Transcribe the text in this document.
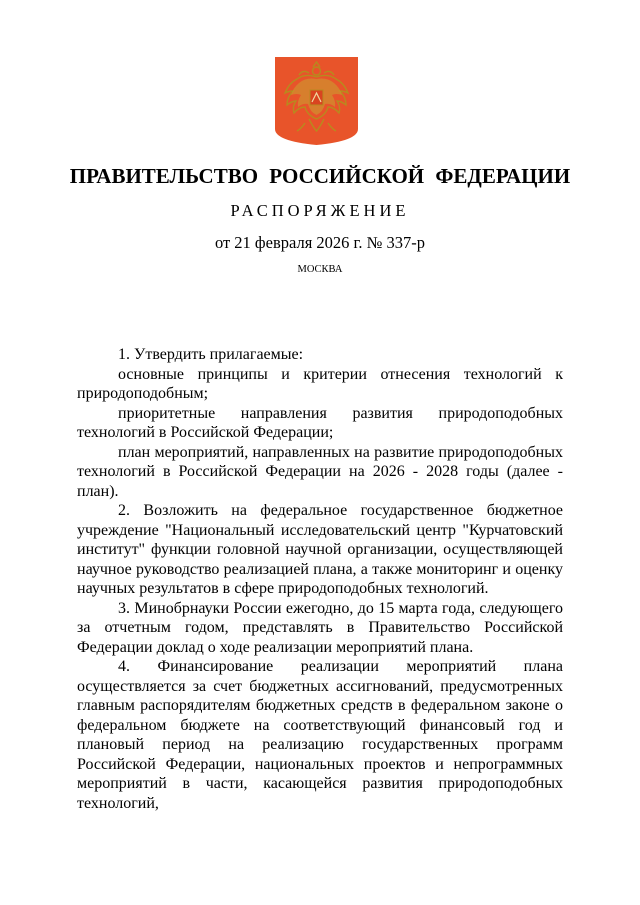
ПРАВИТЕЛЬСТВО РОССИЙСКОЙ ФЕДЕРАЦИИ
РАСПОРЯЖЕНИЕ
от 21 февраля 2026 г. № 337-р
МОСКВА

1. Утвердить прилагаемые:

основные принципы и критерии отнесения технологий к природоподобным;

приоритетные направления развития природоподобных технологий в Российской Федерации;

план мероприятий, направленных на развитие природоподобных технологий в Российской Федерации на 2026 - 2028 годы (далее - план).

2. Возложить на федеральное государственное бюджетное учреждение "Национальный исследовательский центр "Курчатовский институт" функции головной научной организации, осуществляющей научное руководство реализацией плана, а также мониторинг и оценку научных результатов в сфере природоподобных технологий.

3. Минобрнауки России ежегодно, до 15 марта года, следующего за отчетным годом, представлять в Правительство Российской Федерации доклад о ходе реализации мероприятий плана.

4. Финансирование реализации мероприятий плана осуществляется за счет бюджетных ассигнований, предусмотренных главным распорядителям бюджетных средств в федеральном законе о федеральном бюджете на соответствующий финансовый год и плановый период на реализацию государственных программ Российской Федерации, национальных проектов и непрограммных мероприятий в части, касающейся развития природоподобных технологий,
